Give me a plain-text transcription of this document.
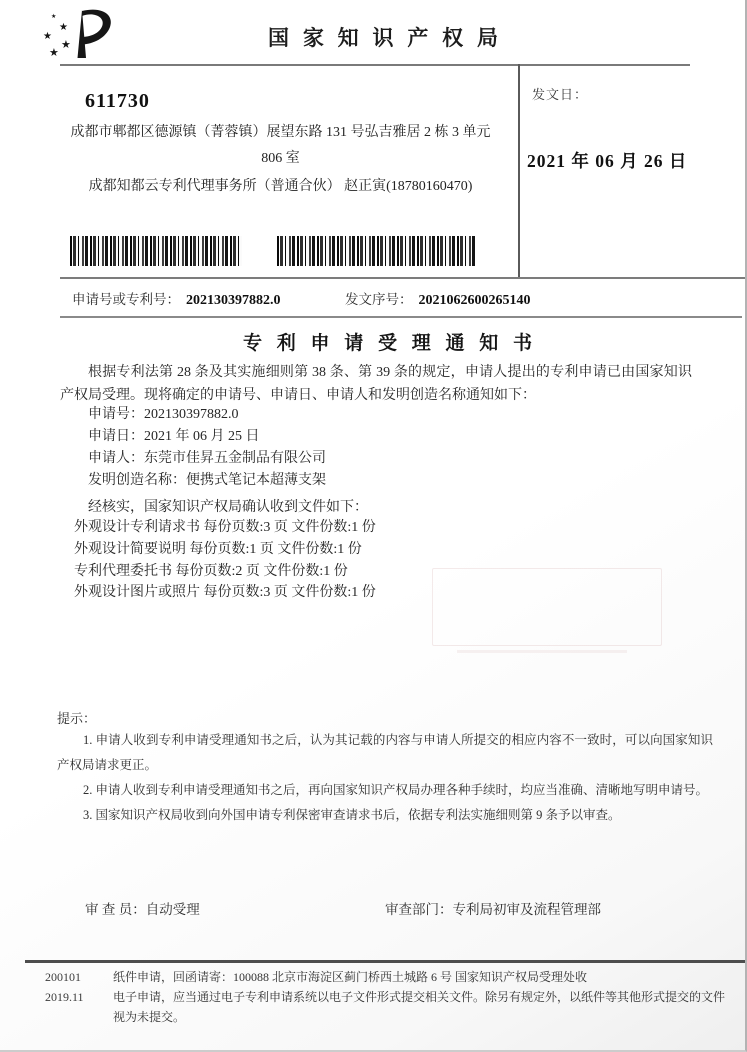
★
★
★
★
★
国 家 知 识 产 权 局
发文日：
2021 年 06 月 26 日
611730
成都市郫都区德源镇（菁蓉镇）展望东路 131 号弘吉雅居 2 栋 3 单元
806 室
成都知都云专利代理事务所（普通合伙） 赵正寅(18780160470)
申请号或专利号： 202130397882.0	发文序号： 2021062600265140
专 利 申 请 受 理 通 知 书
根据专利法第 28 条及其实施细则第 38 条、第 39 条的规定，申请人提出的专利申请已由国家知识产权局受理。现将确定的申请号、申请日、申请人和发明创造名称通知如下：
申请号：202130397882.0
申请日：2021 年 06 月 25 日
申请人：东莞市佳昇五金制品有限公司
发明创造名称：便携式笔记本超薄支架
经核实，国家知识产权局确认收到文件如下：
外观设计专利请求书 每份页数:3 页 文件份数:1 份
外观设计简要说明 每份页数:1 页 文件份数:1 份
专利代理委托书 每份页数:2 页 文件份数:1 份
外观设计图片或照片 每份页数:3 页 文件份数:1 份
提示：

1. 申请人收到专利申请受理通知书之后，认为其记载的内容与申请人所提交的相应内容不一致时，可以向国家知识产权局请求更正。

2. 申请人收到专利申请受理通知书之后，再向国家知识产权局办理各种手续时，均应当准确、清晰地写明申请号。

3. 国家知识产权局收到向外国申请专利保密审查请求书后，依据专利法实施细则第 9 条予以审查。

审 查 员：自动受理	审查部门：专利局初审及流程管理部
200101
2019.11
纸件申请，回函请寄：100088 北京市海淀区蓟门桥西土城路 6 号 国家知识产权局受理处收
电子申请，应当通过电子专利申请系统以电子文件形式提交相关文件。除另有规定外，以纸件等其他形式提交的文件视为未提交。
